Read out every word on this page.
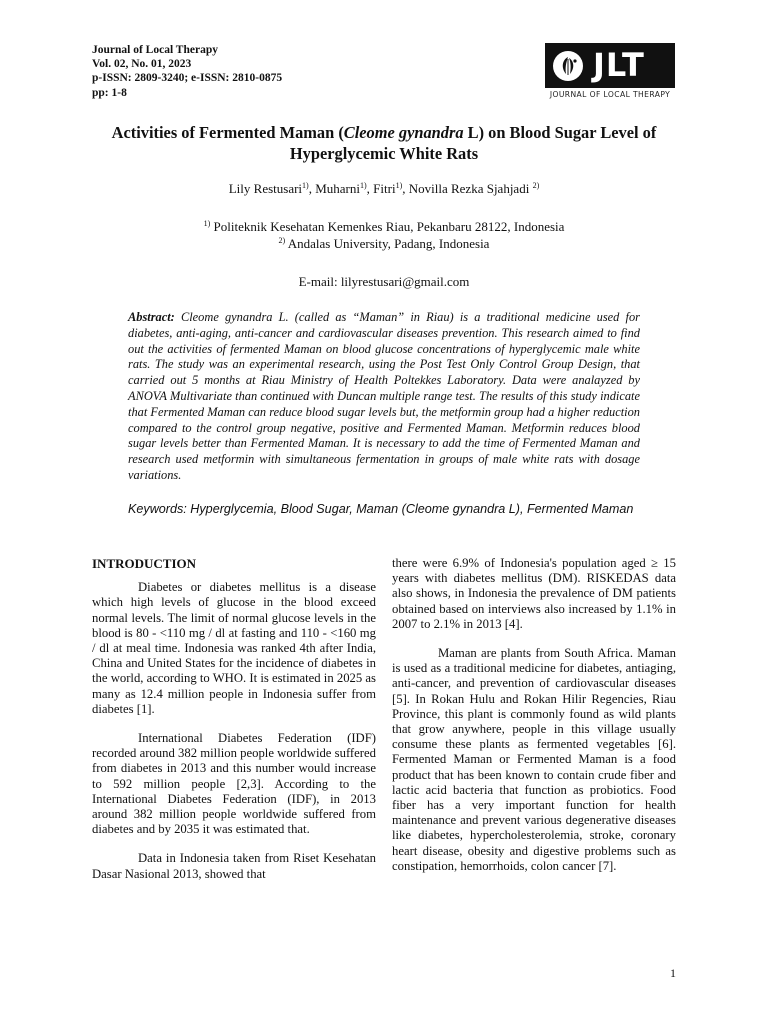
Journal of Local Therapy
Vol. 02, No. 01, 2023
p-ISSN: 2809-3240; e-ISSN: 2810-0875
pp: 1-8
JLT
JOURNAL OF LOCAL THERAPY
Activities of Fermented Maman (Cleome gynandra L) on Blood Sugar Level of Hyperglycemic White Rats
Lily Restusari$^{1)}$, Muharni$^{1)}$, Fitri$^{1)}$, Novilla Rezka Sjahjadi $^{2)}$
$^{1)}$ Politeknik Kesehatan Kemenkes Riau, Pekanbaru 28122, Indonesia
$^{2)}$ Andalas University, Padang, Indonesia
E-mail: lilyrestusari@gmail.com
Abstract: Cleome gynandra L. (called as “Maman” in Riau) is a traditional medicine used for diabetes, anti-aging, anti-cancer and cardiovascular diseases prevention. This research aimed to find out the activities of fermented Maman on blood glucose concentrations of hyperglycemic male white rats. The study was an experimental research, using the Post Test Only Control Group Design, that carried out 5 months at Riau Ministry of Health Poltekkes Laboratory. Data were analayzed by ANOVA Multivariate than continued with Duncan multiple range test. The results of this study indicate that Fermented Maman can reduce blood sugar levels but, the metformin group had a higher reduction compared to the control group negative, positive and Fermented Maman. Metformin reduces blood sugar levels better than Fermented Maman. It is necessary to add the time of Fermented Maman and research used metformin with simultaneous fermentation in groups of male white rats with dosage variations.
Keywords: Hyperglycemia, Blood Sugar, Maman (Cleome gynandra L), Fermented Maman
INTRODUCTION

Diabetes or diabetes mellitus is a disease which high levels of glucose in the blood exceed normal levels. The limit of normal glucose levels in the blood is 80 - <110 mg / dl at fasting and 110 - <160 mg / dl at meal time. Indonesia was ranked 4th after India, China and United States for the incidence of diabetes in the world, according to WHO. It is estimated in 2025 as many as 12.4 million people in Indonesia suffer from diabetes [1].

International Diabetes Federation (IDF) recorded around 382 million people worldwide suffered from diabetes in 2013 and this number would increase to 592 million people [2,3]. According to the International Diabetes Federation (IDF), in 2013 around 382 million people worldwide suffered from diabetes and by 2035 it was estimated that.

Data in Indonesia taken from Riset Kesehatan Dasar Nasional 2013, showed that

there were 6.9% of Indonesia's population aged ≥ 15 years with diabetes mellitus (DM). RISKEDAS data also shows, in Indonesia the prevalence of DM patients obtained based on interviews also increased by 1.1% in 2007 to 2.1% in 2013 [4].

Maman are plants from South Africa. Maman is used as a traditional medicine for diabetes, antiaging, anti-cancer, and prevention of cardiovascular diseases [5]. In Rokan Hulu and Rokan Hilir Regencies, Riau Province, this plant is commonly found as wild plants that grow anywhere, people in this village usually consume these plants as fermented vegetables [6]. Fermented Maman or Fermented Maman is a food product that has been known to contain crude fiber and lactic acid bacteria that function as probiotics. Food fiber has a very important function for health maintenance and prevent various degenerative diseases like diabetes, hypercholesterolemia, stroke, coronary heart disease, obesity and digestive problems such as constipation, hemorrhoids, colon cancer [7].

1
